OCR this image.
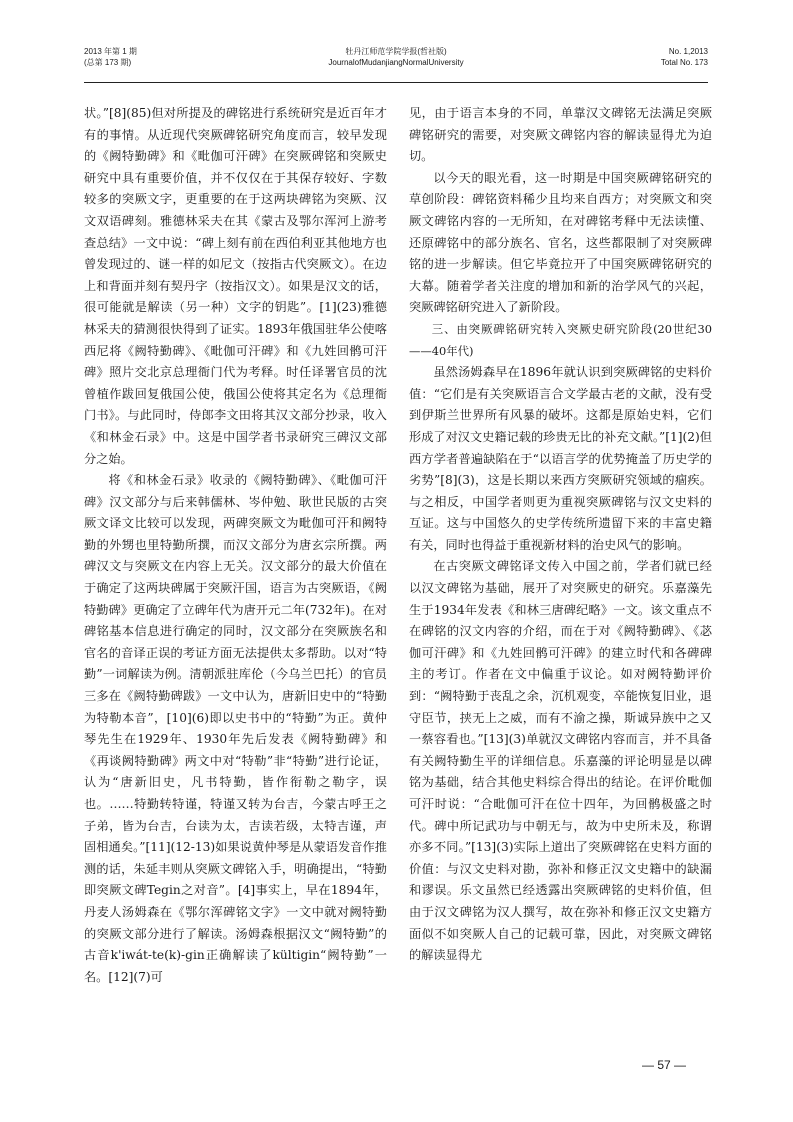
2013 年第 1 期
(总第 173 期)
牡丹江师范学院学报(哲社版)
JournalofMudanjiangNormalUniversity
No. 1,2013
Total No. 173

状。”[8](85)但对所提及的碑铭进行系统研究是近百年才有的事情。从近现代突厥碑铭研究角度而言，较早发现的《阙特勤碑》和《毗伽可汗碑》在突厥碑铭和突厥史研究中具有重要价值，并不仅仅在于其保存较好、字数较多的突厥文字，更重要的在于这两块碑铭为突厥、汉文双语碑刻。雅德林采夫在其《蒙古及鄂尔浑河上游考查总结》一文中说：“碑上刻有前在西伯利亚其他地方也曾发现过的、谜一样的如尼文（按指古代突厥文）。在边上和背面并刻有契丹字（按指汉文）。如果是汉文的话，很可能就是解读（另一种）文字的钥匙”。[1](23)雅德林采夫的猜测很快得到了证实。1893年俄国驻华公使喀西尼将《阙特勤碑》、《毗伽可汗碑》和《九姓回鹘可汗碑》照片交北京总理衙门代为考释。时任译署官员的沈曾植作跋回复俄国公使，俄国公使将其定名为《总理衙门书》。与此同时，侍郎李文田将其汉文部分抄录，收入《和林金石录》中。这是中国学者书录研究三碑汉文部分之始。

将《和林金石录》收录的《阙特勤碑》、《毗伽可汗碑》汉文部分与后来韩儒林、岑仲勉、耿世民版的古突厥文译文比较可以发现，两碑突厥文为毗伽可汗和阙特勤的外甥也里特勤所撰，而汉文部分为唐玄宗所撰。两碑汉文与突厥文在内容上无关。汉文部分的最大价值在于确定了这两块碑属于突厥汗国，语言为古突厥语，《阙特勤碑》更确定了立碑年代为唐开元二年(732年)。在对碑铭基本信息进行确定的同时，汉文部分在突厥族名和官名的音译正误的考证方面无法提供太多帮助。以对“特勤”一词解读为例。清朝派驻库伦（今乌兰巴托）的官员三多在《阙特勤碑跋》一文中认为，唐新旧史中的“特勤为特勒本音”，[10](6)即以史书中的“特勤”为正。黄仲琴先生在1929年、1930年先后发表《阙特勤碑》和《再谈阙特勤碑》两文中对“特勒”非“特勤”进行论证，认为“唐新旧史，凡书特勤，皆作衔勒之勒字，误也。……特勤转特谨，特谨又转为台吉，今蒙古呼王之子弟，皆为台吉，台读为太，吉读若级，太特吉谨，声固相通矣。”[11](12-13)如果说黄仲琴是从蒙语发音作推测的话，朱延丰则从突厥文碑铭入手，明确提出，“特勤即突厥文碑Tegin之对音”。[4]事实上，早在1894年，丹麦人汤姆森在《鄂尔浑碑铭文字》一文中就对阙特勤的突厥文部分进行了解读。汤姆森根据汉文“阙特勤”的古音k'iwát-te(k)-gin正确解读了kültigin“阙特勤”一名。[12](7)可

见，由于语言本身的不同，单靠汉文碑铭无法满足突厥碑铭研究的需要，对突厥文碑铭内容的解读显得尤为迫切。

以今天的眼光看，这一时期是中国突厥碑铭研究的草创阶段：碑铭资料稀少且均来自西方；对突厥文和突厥文碑铭内容的一无所知，在对碑铭考释中无法读懂、还原碑铭中的部分族名、官名，这些都限制了对突厥碑铭的进一步解读。但它毕竟拉开了中国突厥碑铭研究的大幕。随着学者关注度的增加和新的治学风气的兴起，突厥碑铭研究进入了新阶段。

三、由突厥碑铭研究转入突厥史研究阶段(20世纪30——40年代)

虽然汤姆森早在1896年就认识到突厥碑铭的史料价值：“它们是有关突厥语言合文学最古老的文献，没有受到伊斯兰世界所有风暴的破坏。这都是原始史料，它们形成了对汉文史籍记载的珍贵无比的补充文献。”[1](2)但西方学者普遍缺陷在于“以语言学的优势掩盖了历史学的劣势”[8](3)，这是长期以来西方突厥研究领域的痼疾。与之相反，中国学者则更为重视突厥碑铭与汉文史料的互证。这与中国悠久的史学传统所遗留下来的丰富史籍有关，同时也得益于重视新材料的治史风气的影响。

在古突厥文碑铭译文传入中国之前，学者们就已经以汉文碑铭为基础，展开了对突厥史的研究。乐嘉藻先生于1934年发表《和林三唐碑纪略》一文。该文重点不在碑铭的汉文内容的介绍，而在于对《阙特勤碑》、《苾伽可汗碑》和《九姓回鹘可汗碑》的建立时代和各碑碑主的考订。作者在文中偏重于议论。如对阙特勤评价到：“阙特勤于丧乱之余，沉机观变，卒能恢复旧业，退守臣节，挟无上之威，而有不渝之操，斯诚异族中之又一蔡容看也。”[13](3)单就汉文碑铭内容而言，并不具备有关阙特勤生平的详细信息。乐嘉藻的评论明显是以碑铭为基础，结合其他史料综合得出的结论。在评价毗伽可汗时说：“合毗伽可汗在位十四年，为回鹘极盛之时代。碑中所记武功与中朝无与，故为中史所未及，称谓亦多不同。”[13](3)实际上道出了突厥碑铭在史料方面的价值：与汉文史料对勘，弥补和修正汉文史籍中的缺漏和谬误。乐文虽然已经透露出突厥碑铭的史料价值，但由于汉文碑铭为汉人撰写，故在弥补和修正汉文史籍方面似不如突厥人自己的记载可靠，因此，对突厥文碑铭的解读显得尤

— 57 —
